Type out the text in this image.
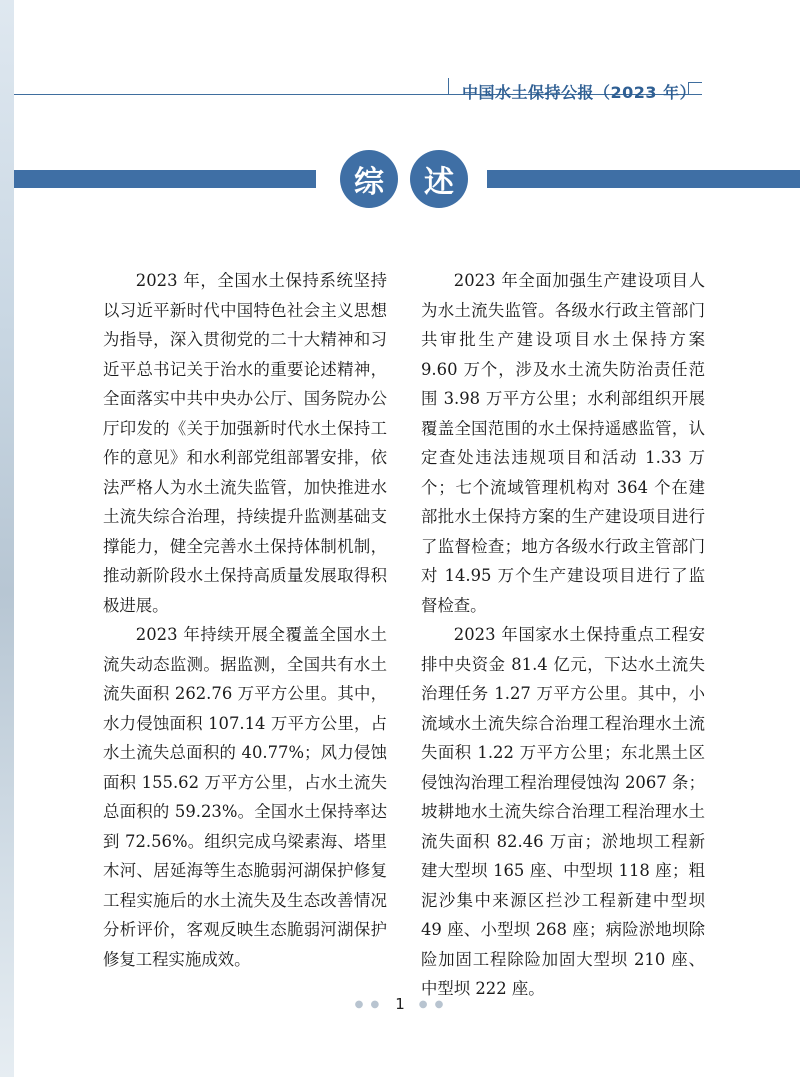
中国水土保持公报（2023 年）
综	述

2023 年，全国水土保持系统坚持以习近平新时代中国特色社会主义思想为指导，深入贯彻党的二十大精神和习近平总书记关于治水的重要论述精神，全面落实中共中央办公厅、国务院办公厅印发的《关于加强新时代水土保持工作的意见》和水利部党组部署安排，依法严格人为水土流失监管，加快推进水土流失综合治理，持续提升监测基础支撑能力，健全完善水土保持体制机制，推动新阶段水土保持高质量发展取得积极进展。

2023 年持续开展全覆盖全国水土流失动态监测。据监测，全国共有水土流失面积 262.76 万平方公里。其中，水力侵蚀面积 107.14 万平方公里，占水土流失总面积的 40.77%；风力侵蚀面积 155.62 万平方公里，占水土流失总面积的 59.23%。全国水土保持率达到 72.56%。组织完成乌梁素海、塔里木河、居延海等生态脆弱河湖保护修复工程实施后的水土流失及生态改善情况分析评价，客观反映生态脆弱河湖保护修复工程实施成效。

2023 年全面加强生产建设项目人为水土流失监管。各级水行政主管部门共审批生产建设项目水土保持方案 9.60 万个，涉及水土流失防治责任范围 3.98 万平方公里；水利部组织开展覆盖全国范围的水土保持遥感监管，认定查处违法违规项目和活动 1.33 万个；七个流域管理机构对 364 个在建部批水土保持方案的生产建设项目进行了监督检查；地方各级水行政主管部门对 14.95 万个生产建设项目进行了监督检查。

2023 年国家水土保持重点工程安排中央资金 81.4 亿元，下达水土流失治理任务 1.27 万平方公里。其中，小流域水土流失综合治理工程治理水土流失面积 1.22 万平方公里；东北黑土区侵蚀沟治理工程治理侵蚀沟 2067 条；坡耕地水土流失综合治理工程治理水土流失面积 82.46 万亩；淤地坝工程新建大型坝 165 座、中型坝 118 座；粗泥沙集中来源区拦沙工程新建中型坝 49 座、小型坝 268 座；病险淤地坝除险加固工程除险加固大型坝 210 座、中型坝 222 座。

● ● 1 ● ●
